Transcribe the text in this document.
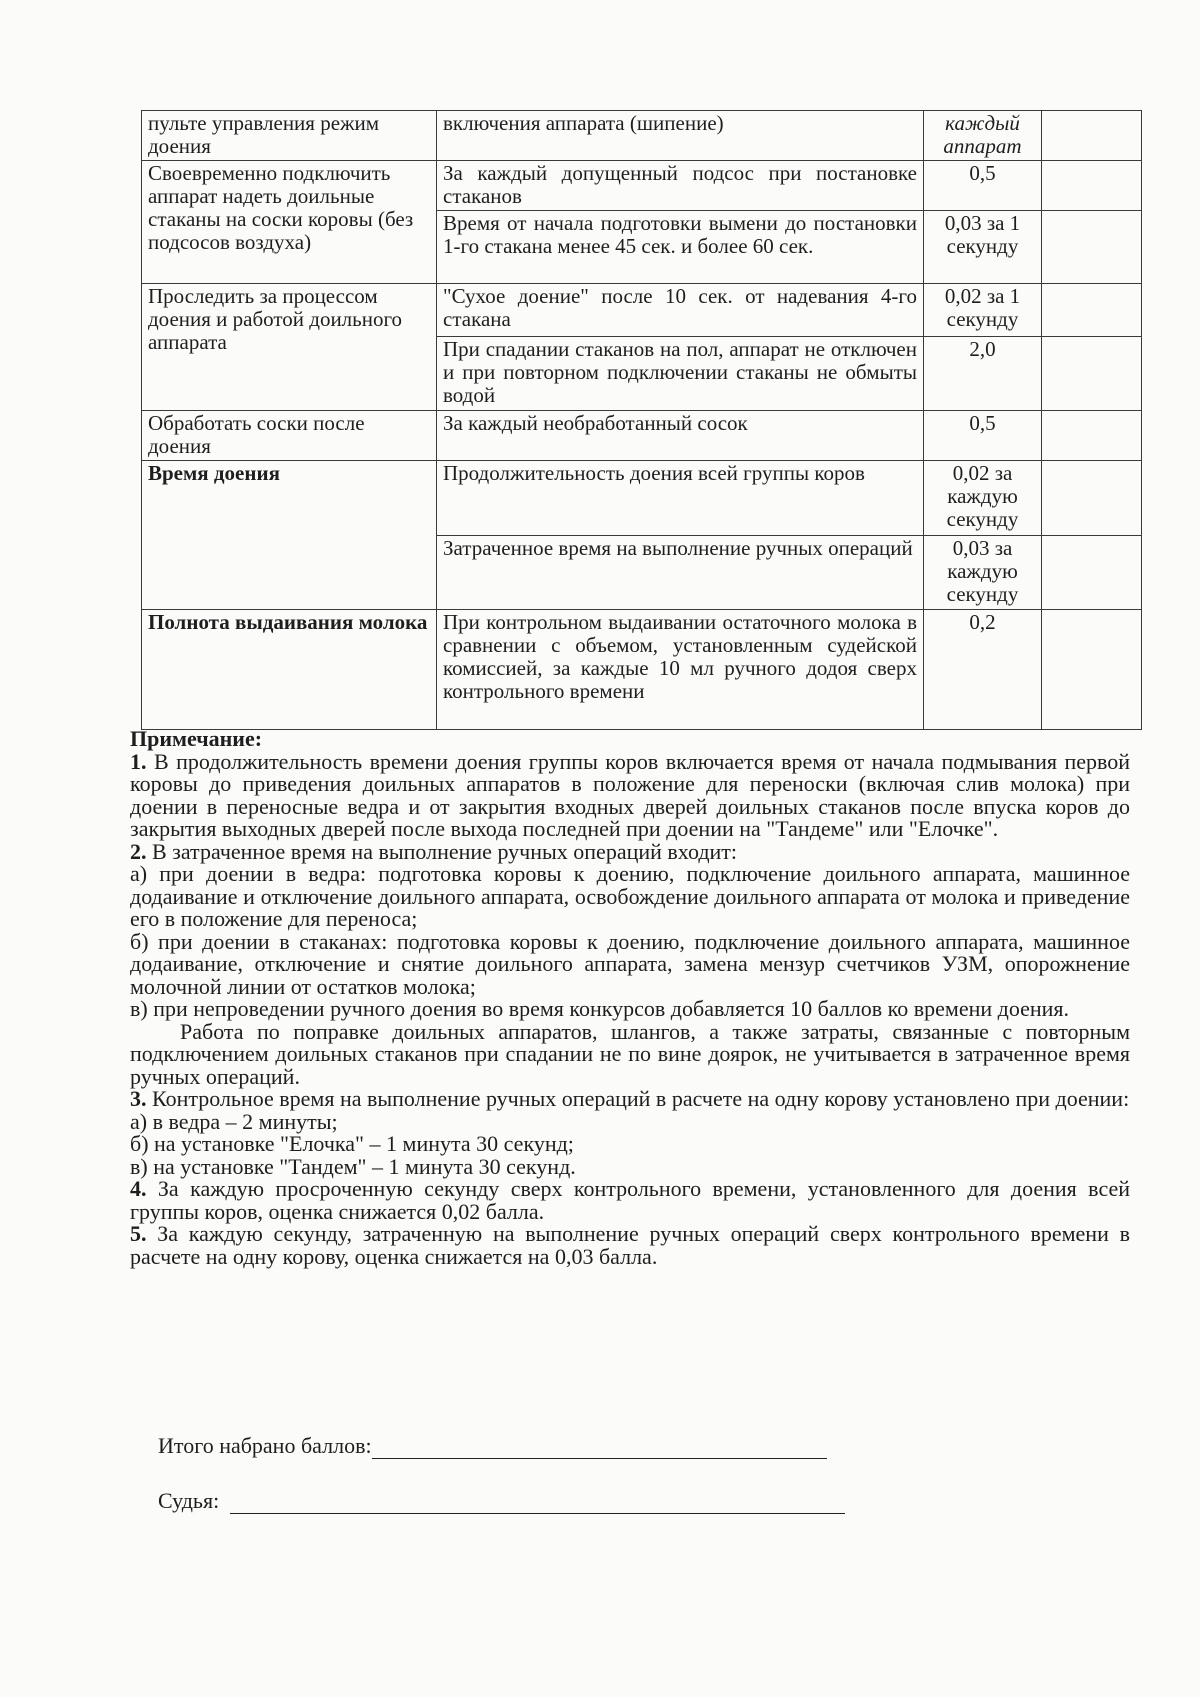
пульте управления режим доения	включения аппарата (шипение)	каждый аппарат	
Своевременно подключить аппарат надеть доильные стаканы на соски коровы (без подсосов воздуха)	За каждый допущенный подсос при постановке стаканов	0,5	
	Время от начала подготовки вымени до постановки 1-го стакана менее 45 сек. и более 60 сек.	0,03 за 1 секунду	
Проследить за процессом доения и работой доильного аппарата	"Сухое доение" после 10 сек. от надевания 4-го стакана	0,02 за 1 секунду	
	При спадании стаканов на пол, аппарат не отключен и при повторном подключении стаканы не обмыты водой	2,0	
Обработать соски после доения	За каждый необработанный сосок	0,5	
Время доения	Продолжительность доения всей группы коров	0,02 за каждую секунду	
	Затраченное время на выполнение ручных операций	0,03 за каждую секунду	
Полнота выдаивания молока	При контрольном выдаивании остаточного молока в сравнении с объемом, установленным судейской комиссией, за каждые 10 мл ручного додоя сверх контрольного времени	0,2	

Примечание:

1. В продолжительность времени доения группы коров включается время от начала подмывания первой коровы до приведения доильных аппаратов в положение для переноски (включая слив молока) при доении в переносные ведра и от закрытия входных дверей доильных стаканов после впуска коров до закрытия выходных дверей после выхода последней при доении на "Тандеме" или "Елочке".

2. В затраченное время на выполнение ручных операций входит:

а) при доении в ведра: подготовка коровы к доению, подключение доильного аппарата, машинное додаивание и отключение доильного аппарата, освобождение доильного аппарата от молока и приведение его в положение для переноса;

б) при доении в стаканах: подготовка коровы к доению, подключение доильного аппарата, машинное додаивание, отключение и снятие доильного аппарата, замена мензур счетчиков УЗМ, опорожнение молочной линии от остатков молока;

в) при непроведении ручного доения во время конкурсов добавляется 10 баллов ко времени доения.

Работа по поправке доильных аппаратов, шлангов, а также затраты, связанные с повторным подключением доильных стаканов при спадании не по вине доярок, не учитывается в затраченное время ручных операций.

3. Контрольное время на выполнение ручных операций в расчете на одну корову установлено при доении:

а) в ведра – 2 минуты;

б) на установке "Елочка" – 1 минута 30 секунд;

в) на установке "Тандем" – 1 минута 30 секунд.

4. За каждую просроченную секунду сверх контрольного времени, установленного для доения всей группы коров, оценка снижается 0,02 балла.

5. За каждую секунду, затраченную на выполнение ручных операций сверх контрольного времени в расчете на одну корову, оценка снижается на 0,03 балла.

Итого набрано баллов:
Судья:
